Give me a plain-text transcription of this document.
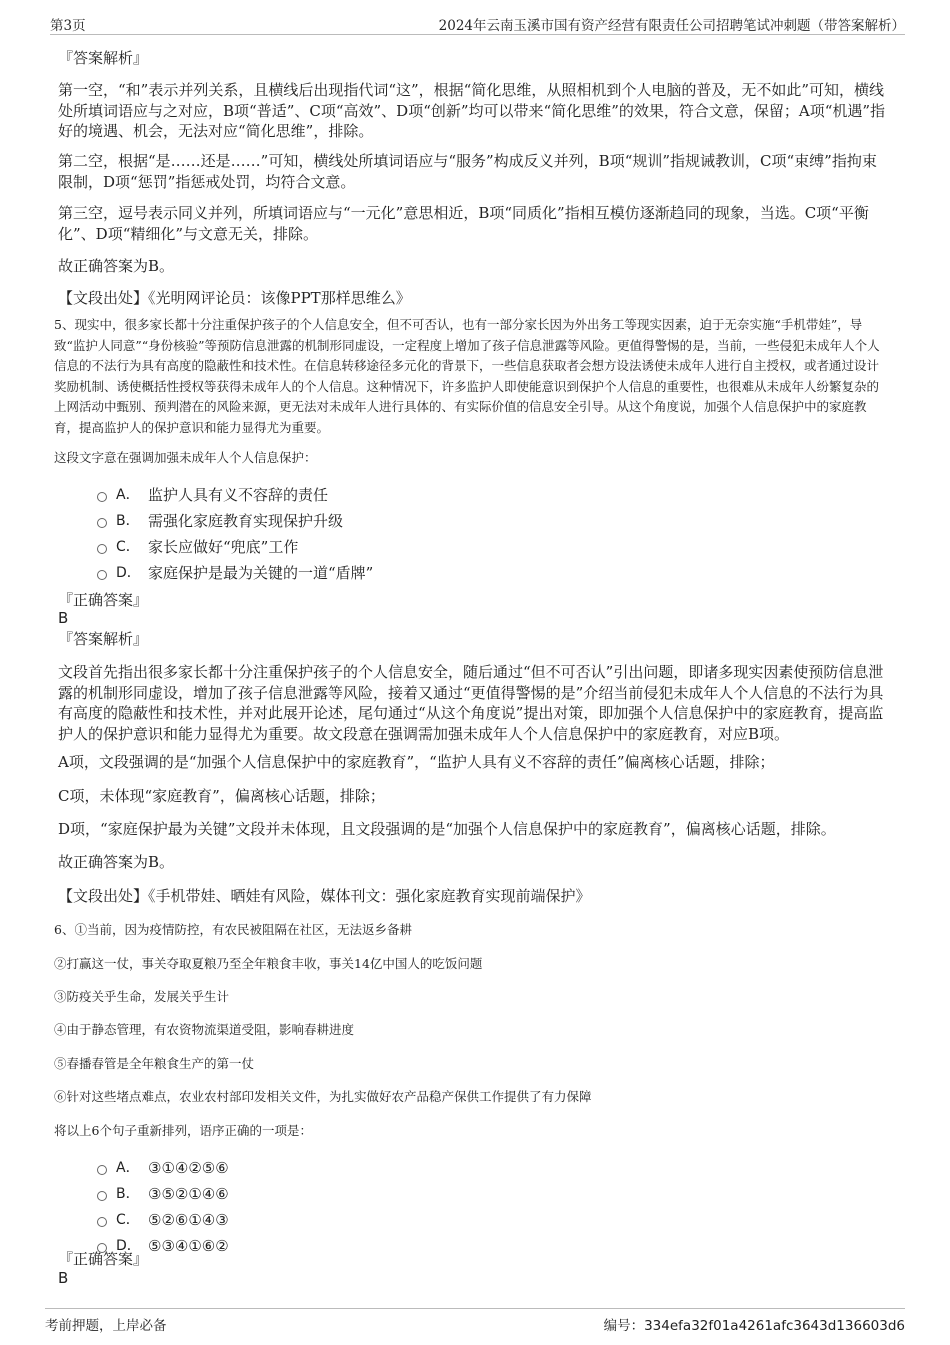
第3页	2024年云南玉溪市国有资产经营有限责任公司招聘笔试冲刺题（带答案解析）

『答案解析』

第一空，“和”表示并列关系，且横线后出现指代词“这”，根据“简化思维，从照相机到个人电脑的普及，无不如此”可知，横线处所填词语应与之对应，B项“普适”、C项“高效”、D项“创新”均可以带来“简化思维”的效果，符合文意，保留；A项“机遇”指好的境遇、机会，无法对应“简化思维”，排除。

第二空，根据“是……还是……”可知，横线处所填词语应与“服务”构成反义并列，B项“规训”指规诫教训，C项“束缚”指拘束限制，D项“惩罚”指惩戒处罚，均符合文意。

第三空，逗号表示同义并列，所填词语应与“一元化”意思相近，B项“同质化”指相互模仿逐渐趋同的现象，当选。C项“平衡化”、D项“精细化”与文意无关，排除。

故正确答案为B。

【文段出处】《光明网评论员：该像PPT那样思维么》

5、现实中，很多家长都十分注重保护孩子的个人信息安全，但不可否认，也有一部分家长因为外出务工等现实因素，迫于无奈实施“手机带娃”，导致“监护人同意”“身份核验”等预防信息泄露的机制形同虚设，一定程度上增加了孩子信息泄露等风险。更值得警惕的是，当前，一些侵犯未成年人个人信息的不法行为具有高度的隐蔽性和技术性。在信息转移途径多元化的背景下，一些信息获取者会想方设法诱使未成年人进行自主授权，或者通过设计奖励机制、诱使概括性授权等获得未成年人的个人信息。这种情况下，许多监护人即使能意识到保护个人信息的重要性，也很难从未成年人纷繁复杂的上网活动中甄别、预判潜在的风险来源，更无法对未成年人进行具体的、有实际价值的信息安全引导。从这个角度说，加强个人信息保护中的家庭教育，提高监护人的保护意识和能力显得尤为重要。

这段文字意在强调加强未成年人个人信息保护：

A． 监护人具有义不容辞的责任
B． 需强化家庭教育实现保护升级
C． 家长应做好“兜底”工作
D． 家庭保护是最为关键的一道“盾牌”

『正确答案』

B

『答案解析』

文段首先指出很多家长都十分注重保护孩子的个人信息安全，随后通过“但不可否认”引出问题，即诸多现实因素使预防信息泄露的机制形同虚设，增加了孩子信息泄露等风险，接着又通过“更值得警惕的是”介绍当前侵犯未成年人个人信息的不法行为具有高度的隐蔽性和技术性，并对此展开论述，尾句通过“从这个角度说”提出对策，即加强个人信息保护中的家庭教育，提高监护人的保护意识和能力显得尤为重要。故文段意在强调需加强未成年人个人信息保护中的家庭教育，对应B项。

A项，文段强调的是“加强个人信息保护中的家庭教育”，“监护人具有义不容辞的责任”偏离核心话题，排除；

C项，未体现“家庭教育”，偏离核心话题，排除；

D项，“家庭保护最为关键”文段并未体现，且文段强调的是“加强个人信息保护中的家庭教育”，偏离核心话题，排除。

故正确答案为B。

【文段出处】《手机带娃、晒娃有风险，媒体刊文：强化家庭教育实现前端保护》

6、①当前，因为疫情防控，有农民被阻隔在社区，无法返乡备耕

②打赢这一仗，事关夺取夏粮乃至全年粮食丰收，事关14亿中国人的吃饭问题

③防疫关乎生命，发展关乎生计

④由于静态管理，有农资物流渠道受阻，影响春耕进度

⑤春播春管是全年粮食生产的第一仗

⑥针对这些堵点难点，农业农村部印发相关文件，为扎实做好农产品稳产保供工作提供了有力保障

将以上6个句子重新排列，语序正确的一项是：

A． ③①④②⑤⑥
B． ③⑤②①④⑥
C． ⑤②⑥①④③
D． ⑤③④①⑥②

『正确答案』

B

考前押题，上岸必备	编号：334efa32f01a4261afc3643d136603d6
